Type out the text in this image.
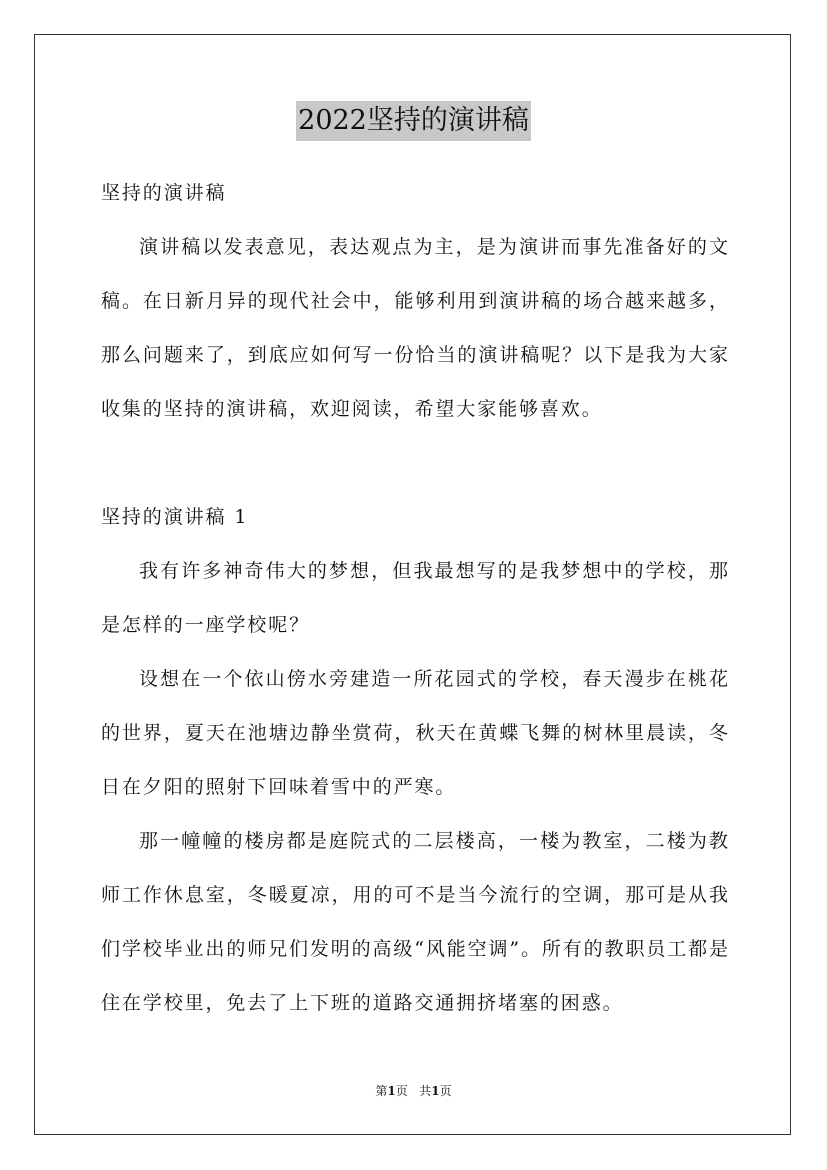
2022坚持的演讲稿
坚持的演讲稿
演讲稿以发表意见，表达观点为主，是为演讲而事先准备好的文
稿。在日新月异的现代社会中，能够利用到演讲稿的场合越来越多，
那么问题来了，到底应如何写一份恰当的演讲稿呢？以下是我为大家
收集的坚持的演讲稿，欢迎阅读，希望大家能够喜欢。
坚持的演讲稿 1
我有许多神奇伟大的梦想，但我最想写的是我梦想中的学校，那
是怎样的一座学校呢？
设想在一个依山傍水旁建造一所花园式的学校，春天漫步在桃花
的世界，夏天在池塘边静坐赏荷，秋天在黄蝶飞舞的树林里晨读，冬
日在夕阳的照射下回味着雪中的严寒。
那一幢幢的楼房都是庭院式的二层楼高，一楼为教室，二楼为教
师工作休息室，冬暖夏凉，用的可不是当今流行的空调，那可是从我
们学校毕业出的师兄们发明的高级“风能空调”。所有的教职员工都是
住在学校里，免去了上下班的道路交通拥挤堵塞的困惑。
第1页 共1页
